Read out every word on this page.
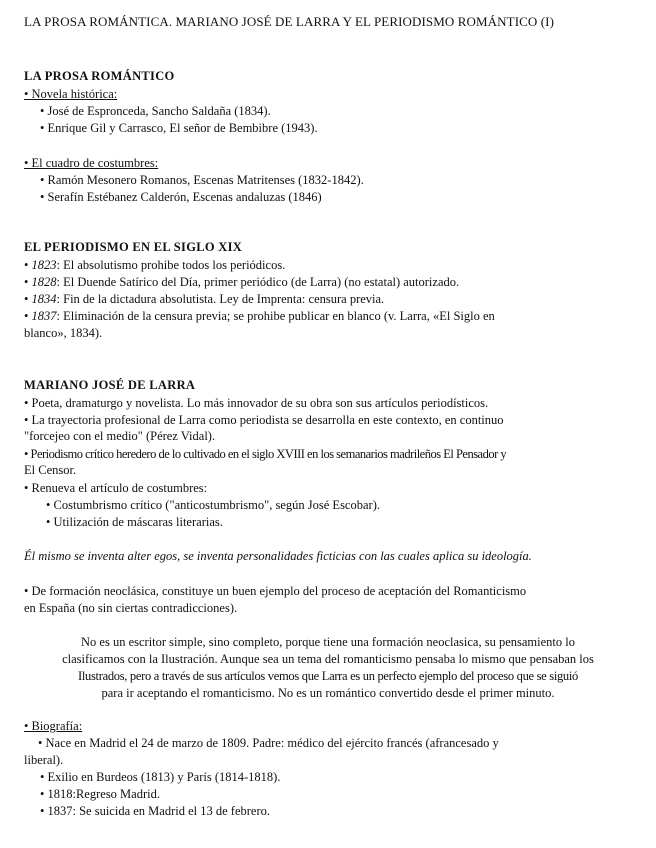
LA PROSA ROMÁNTICA. MARIANO JOSÉ DE LARRA Y EL PERIODISMO ROMÁNTICO (I)
LA PROSA ROMÁNTICO
• Novela histórica:
• José de Espronceda, Sancho Saldaña (1834).
• Enrique Gil y Carrasco, El señor de Bembibre (1943).
• El cuadro de costumbres:
• Ramón Mesonero Romanos, Escenas Matritenses (1832-1842).
• Serafín Estébanez Calderón, Escenas andaluzas (1846)
EL PERIODISMO EN EL SIGLO XIX
• 1823: El absolutismo prohibe todos los periódicos.
• 1828: El Duende Satírico del Día, primer periódico (de Larra) (no estatal) autorizado.
• 1834: Fin de la dictadura absolutista. Ley de Imprenta: censura previa.
• 1837: Eliminación de la censura previa; se prohibe publicar en blanco (v. Larra, «El Siglo en
blanco», 1834).
MARIANO JOSÉ DE LARRA
• Poeta, dramaturgo y novelista. Lo más innovador de su obra son sus artículos periodísticos.
• La trayectoria profesional de Larra como periodista se desarrolla en este contexto, en continuo
"forcejeo con el medio" (Pérez Vidal).
• Periodismo crítico heredero de lo cultivado en el siglo XVIII en los semanarios madrileños El Pensador y
El Censor.
• Renueva el artículo de costumbres:
• Costumbrismo crítico ("anticostumbrismo", según José Escobar).
• Utilización de máscaras literarias.
Él mismo se inventa alter egos, se inventa personalidades ficticias con las cuales aplica su ideología.
• De formación neoclásica, constituye un buen ejemplo del proceso de aceptación del Romanticismo
en España (no sin ciertas contradicciones).
No es un escritor simple, sino completo, porque tiene una formación neoclasica, su pensamiento lo
clasificamos con la Ilustración. Aunque sea un tema del romanticismo pensaba lo mismo que pensaban los
Ilustrados, pero a través de sus artículos vemos que Larra es un perfecto ejemplo del proceso que se siguió
para ir aceptando el romanticismo. No es un romántico convertido desde el primer minuto.
• Biografía:
• Nace en Madrid el 24 de marzo de 1809. Padre: médico del ejército francés (afrancesado y
liberal).
• Exilio en Burdeos (1813) y París (1814-1818).
• 1818:Regreso Madrid.
• 1837: Se suicida en Madrid el 13 de febrero.
